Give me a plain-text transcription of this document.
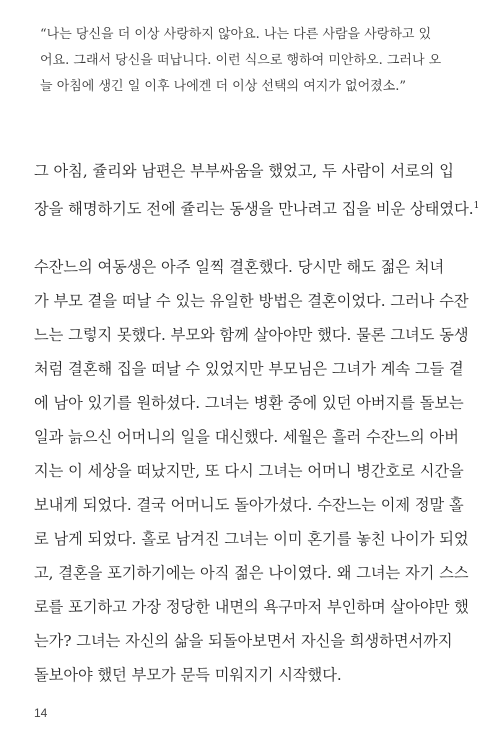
“나는 당신을 더 이상 사랑하지 않아요. 나는 다른 사람을 사랑하고 있
어요. 그래서 당신을 떠납니다. 이런 식으로 행하여 미안하오. 그러나 오
늘 아침에 생긴 일 이후 나에겐 더 이상 선택의 여지가 없어졌소.”
그 아침, 쥴리와 남편은 부부싸움을 했었고, 두 사람이 서로의 입
장을 해명하기도 전에 쥴리는 동생을 만나려고 집을 비운 상태였다.$^1$
수잔느의 여동생은 아주 일찍 결혼했다. 당시만 해도 젊은 처녀
가 부모 곁을 떠날 수 있는 유일한 방법은 결혼이었다. 그러나 수잔
느는 그렇지 못했다. 부모와 함께 살아야만 했다. 물론 그녀도 동생
처럼 결혼해 집을 떠날 수 있었지만 부모님은 그녀가 계속 그들 곁
에 남아 있기를 원하셨다. 그녀는 병환 중에 있던 아버지를 돌보는
일과 늙으신 어머니의 일을 대신했다. 세월은 흘러 수잔느의 아버
지는 이 세상을 떠났지만, 또 다시 그녀는 어머니 병간호로 시간을
보내게 되었다. 결국 어머니도 돌아가셨다. 수잔느는 이제 정말 홀
로 남게 되었다. 홀로 남겨진 그녀는 이미 혼기를 놓친 나이가 되었
고, 결혼을 포기하기에는 아직 젊은 나이였다. 왜 그녀는 자기 스스
로를 포기하고 가장 정당한 내면의 욕구마저 부인하며 살아야만 했
는가? 그녀는 자신의 삶을 되돌아보면서 자신을 희생하면서까지
돌보아야 했던 부모가 문득 미워지기 시작했다.
14
